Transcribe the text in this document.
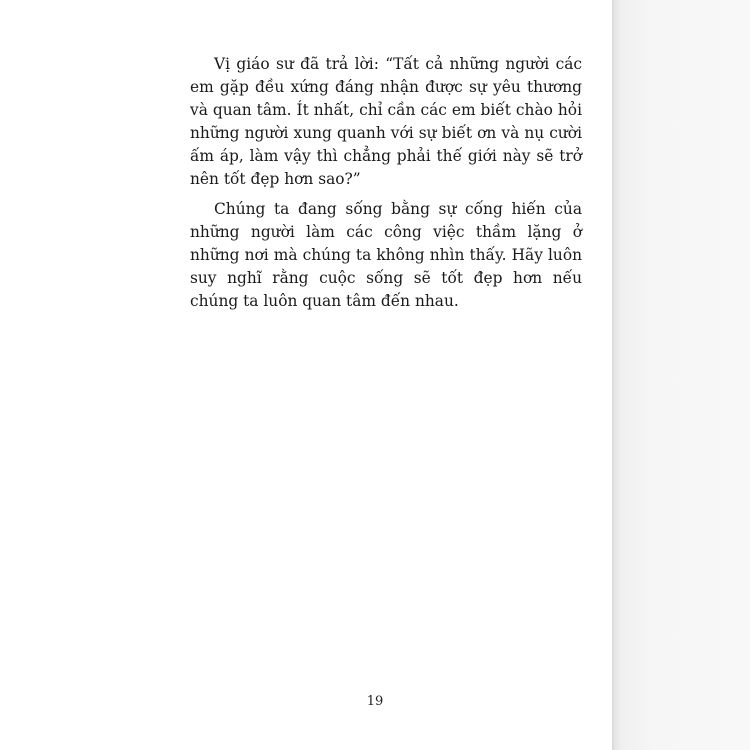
Vị giáo sư đã trả lời: “Tất cả những người các em gặp đều xứng đáng nhận được sự yêu thương và quan tâm. Ít nhất, chỉ cần các em biết chào hỏi những người xung quanh với sự biết ơn và nụ cười ấm áp, làm vậy thì chẳng phải thế giới này sẽ trở nên tốt đẹp hơn sao?”

Chúng ta đang sống bằng sự cống hiến của những người làm các công việc thầm lặng ở những nơi mà chúng ta không nhìn thấy. Hãy luôn suy nghĩ rằng cuộc sống sẽ tốt đẹp hơn nếu chúng ta luôn quan tâm đến nhau.

19
